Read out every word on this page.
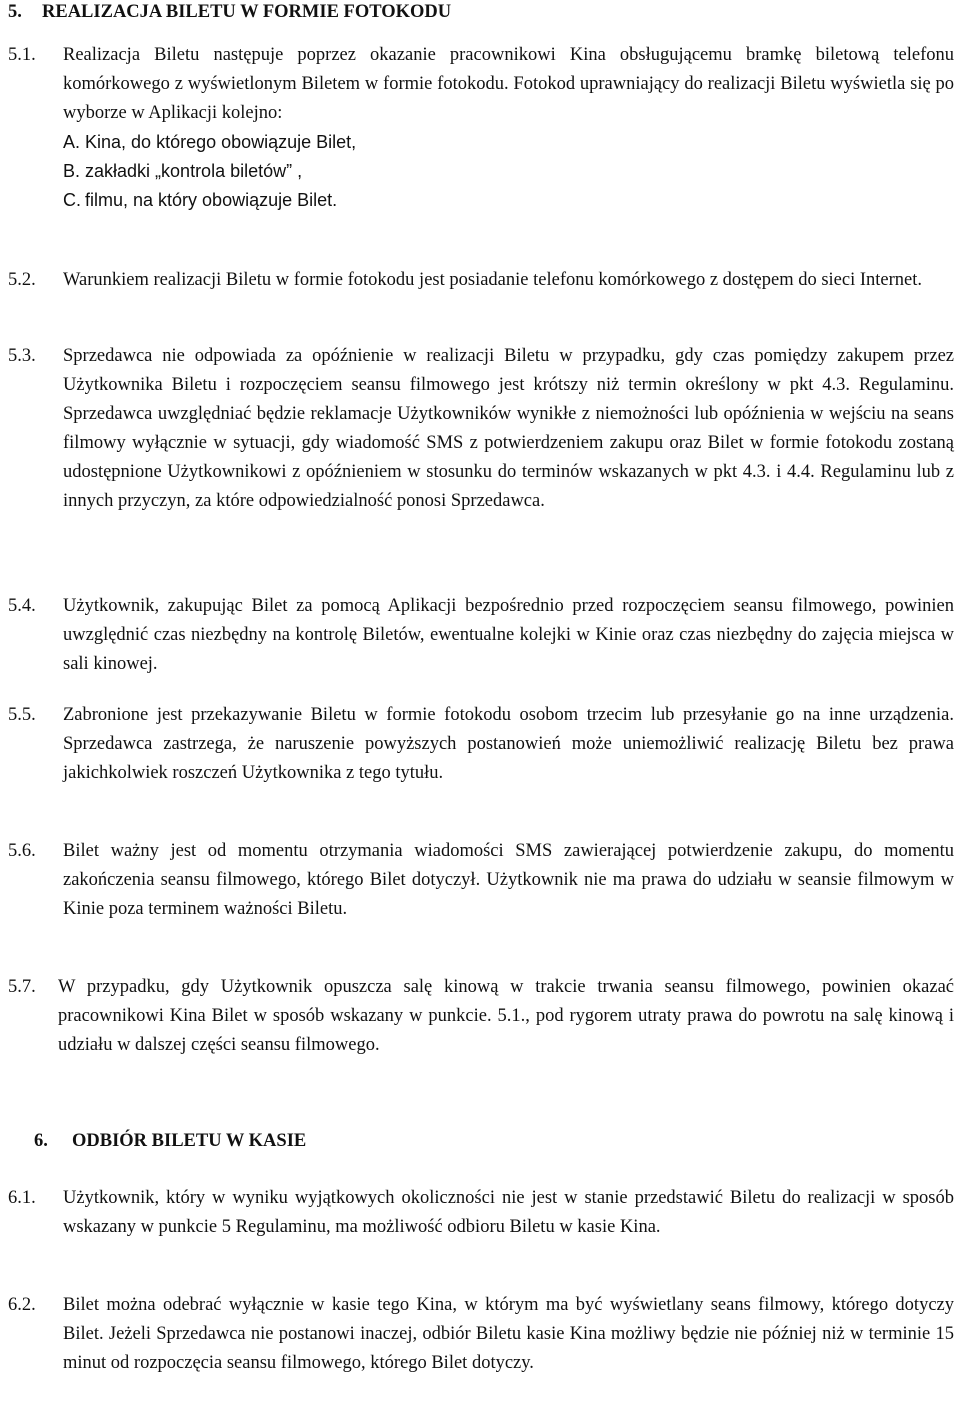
5. REALIZACJA BILETU W FORMIE FOTOKODU
5.1. Realizacja Biletu następuje poprzez okazanie pracownikowi Kina obsługującemu bramkę biletową telefonu komórkowego z wyświetlonym Biletem w formie fotokodu. Fotokod uprawniający do realizacji Biletu wyświetla się po wyborze w Aplikacji kolejno:
A. Kina, do którego obowiązuje Bilet,
B. zakładki „kontrola biletów” ,
C. filmu, na który obowiązuje Bilet.
5.2. Warunkiem realizacji Biletu w formie fotokodu jest posiadanie telefonu komórkowego z dostępem do sieci Internet.
5.3. Sprzedawca nie odpowiada za opóźnienie w realizacji Biletu w przypadku, gdy czas pomiędzy zakupem przez Użytkownika Biletu i rozpoczęciem seansu filmowego jest krótszy niż termin określony w pkt 4.3. Regulaminu. Sprzedawca uwzględniać będzie reklamacje Użytkowników wynikłe z niemożności lub opóźnienia w wejściu na seans filmowy wyłącznie w sytuacji, gdy wiadomość SMS z potwierdzeniem zakupu oraz Bilet w formie fotokodu zostaną udostępnione Użytkownikowi z opóźnieniem w stosunku do terminów wskazanych w pkt 4.3. i 4.4. Regulaminu lub z innych przyczyn, za które odpowiedzialność ponosi Sprzedawca.
5.4. Użytkownik, zakupując Bilet za pomocą Aplikacji bezpośrednio przed rozpoczęciem seansu filmowego, powinien uwzględnić czas niezbędny na kontrolę Biletów, ewentualne kolejki w Kinie oraz czas niezbędny do zajęcia miejsca w sali kinowej.
5.5. Zabronione jest przekazywanie Biletu w formie fotokodu osobom trzecim lub przesyłanie go na inne urządzenia. Sprzedawca zastrzega, że naruszenie powyższych postanowień może uniemożliwić realizację Biletu bez prawa jakichkolwiek roszczeń Użytkownika z tego tytułu.
5.6. Bilet ważny jest od momentu otrzymania wiadomości SMS zawierającej potwierdzenie zakupu, do momentu zakończenia seansu filmowego, którego Bilet dotyczył. Użytkownik nie ma prawa do udziału w seansie filmowym w Kinie poza terminem ważności Biletu.
5.7. W przypadku, gdy Użytkownik opuszcza salę kinową w trakcie trwania seansu filmowego, powinien okazać pracownikowi Kina Bilet w sposób wskazany w punkcie. 5.1., pod rygorem utraty prawa do powrotu na salę kinową i udziału w dalszej części seansu filmowego.
6. ODBIÓR BILETU W KASIE
6.1. Użytkownik, który w wyniku wyjątkowych okoliczności nie jest w stanie przedstawić Biletu do realizacji w sposób wskazany w punkcie 5 Regulaminu, ma możliwość odbioru Biletu w kasie Kina.
6.2. Bilet można odebrać wyłącznie w kasie tego Kina, w którym ma być wyświetlany seans filmowy, którego dotyczy Bilet. Jeżeli Sprzedawca nie postanowi inaczej, odbiór Biletu kasie Kina możliwy będzie nie później niż w terminie 15 minut od rozpoczęcia seansu filmowego, którego Bilet dotyczy.
